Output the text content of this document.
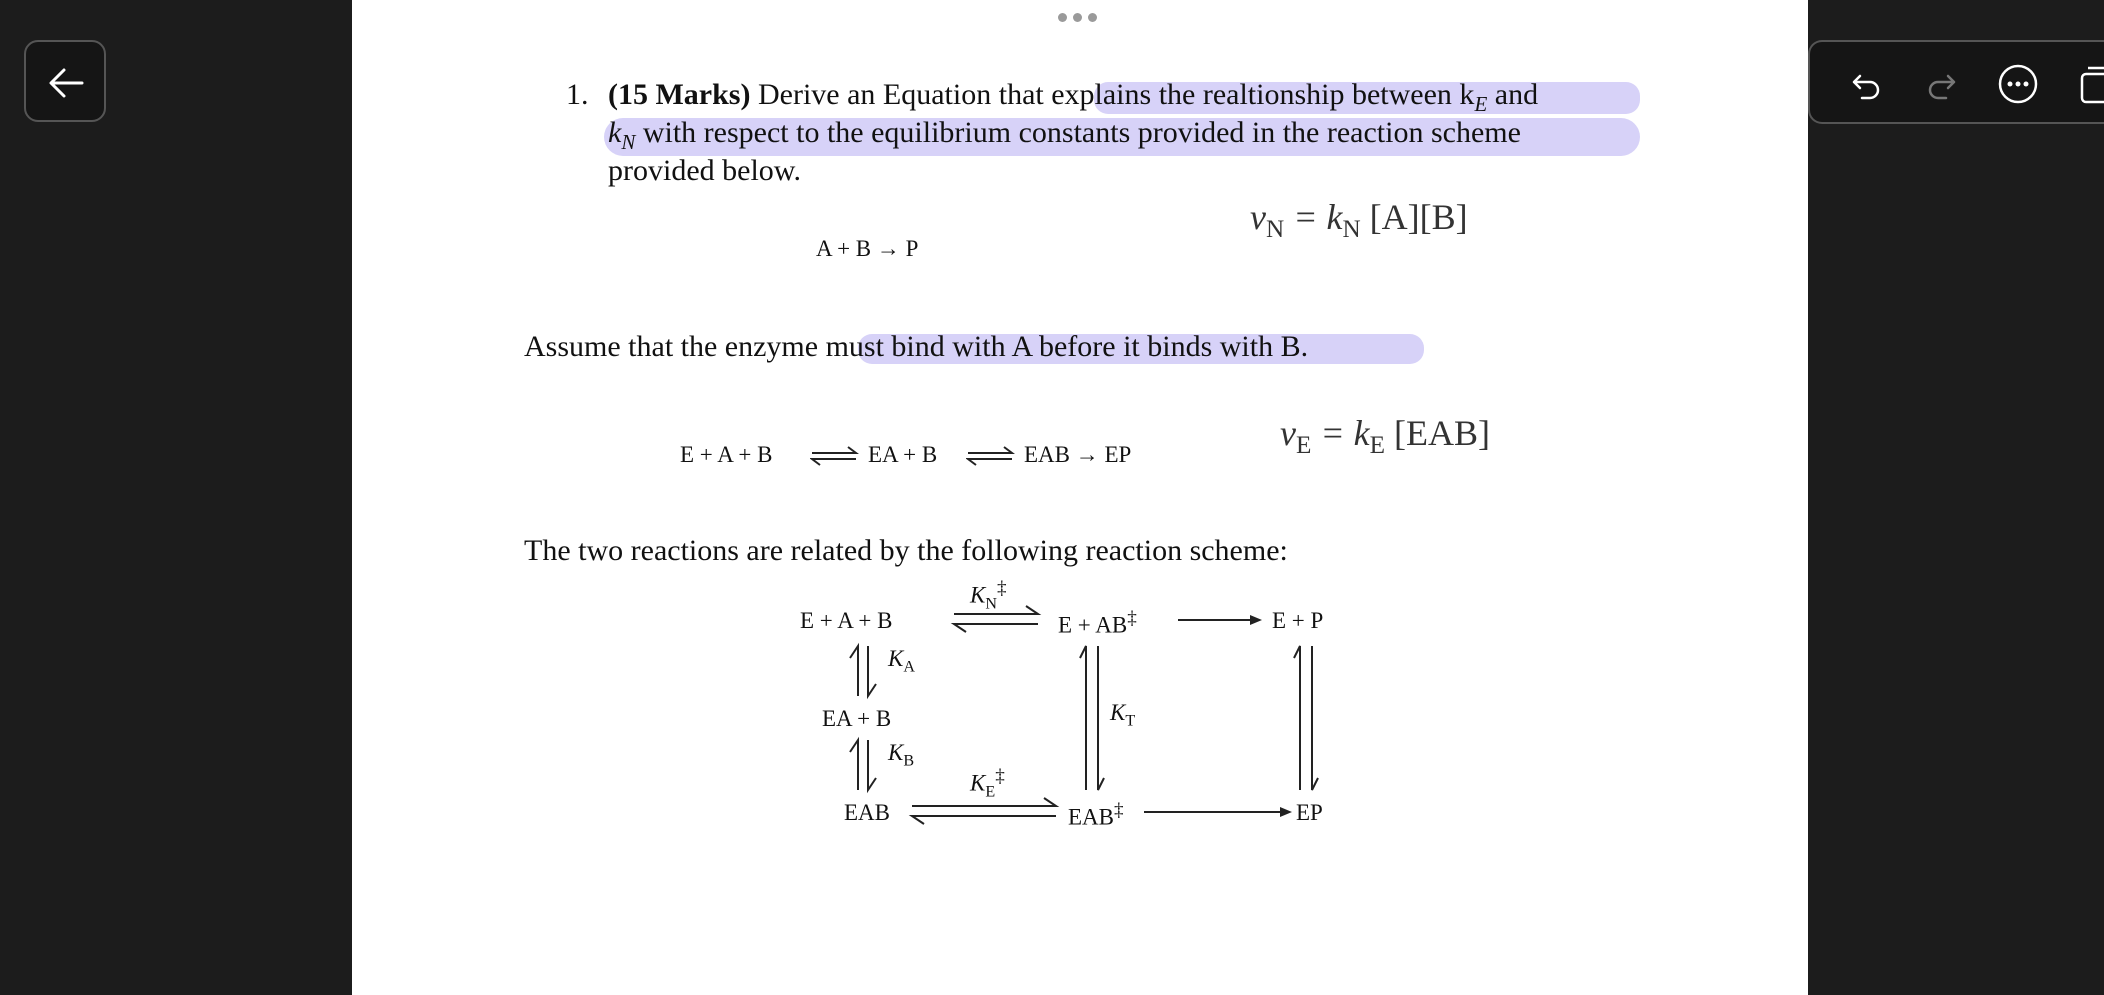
1. (15 Marks) Derive an Equation that explains the realtionship between $k_E$ and
$k_N$ with respect to the equilibrium constants provided in the reaction scheme
provided below.
A + B → P
$v_N = k_N$ [A][B]
Assume that the enzyme must bind with A before it binds with B.
E + A + B ⇌ EA + B ⇌ EAB → EP
$v_E = k_E$ [EAB]
The two reactions are related by the following reaction scheme:
E + A + B	E + AB‡	E + P
EA + B
EAB	EAB‡	EP
$K_N^\ddagger$
$K_E^\ddagger$
$K_A$
$K_B$
$K_T$
